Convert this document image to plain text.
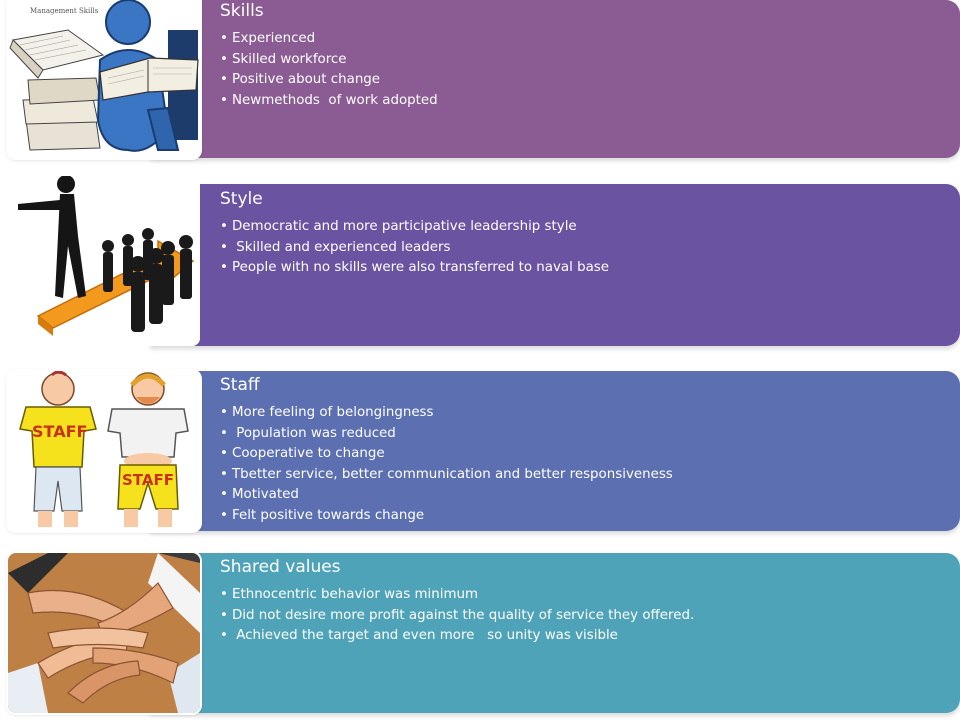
Management Skills	Skills
• Experienced
• Skilled workforce
• Positive about change
• Newmethods  of work adopted
Style
• Democratic and more participative leadership style
• Skilled and experienced leaders
• People with no skills were also transferred to naval base
STAFF
STAFF
Staff
• More feeling of belongingness
• Population was reduced
• Cooperative to change
• Tbetter service, better communication and better responsiveness
• Motivated
• Felt positive towards change
Shared values
• Ethnocentric behavior was minimum
• Did not desire more profit against the quality of service they offered.
• Achieved the target and even more   so unity was visible
